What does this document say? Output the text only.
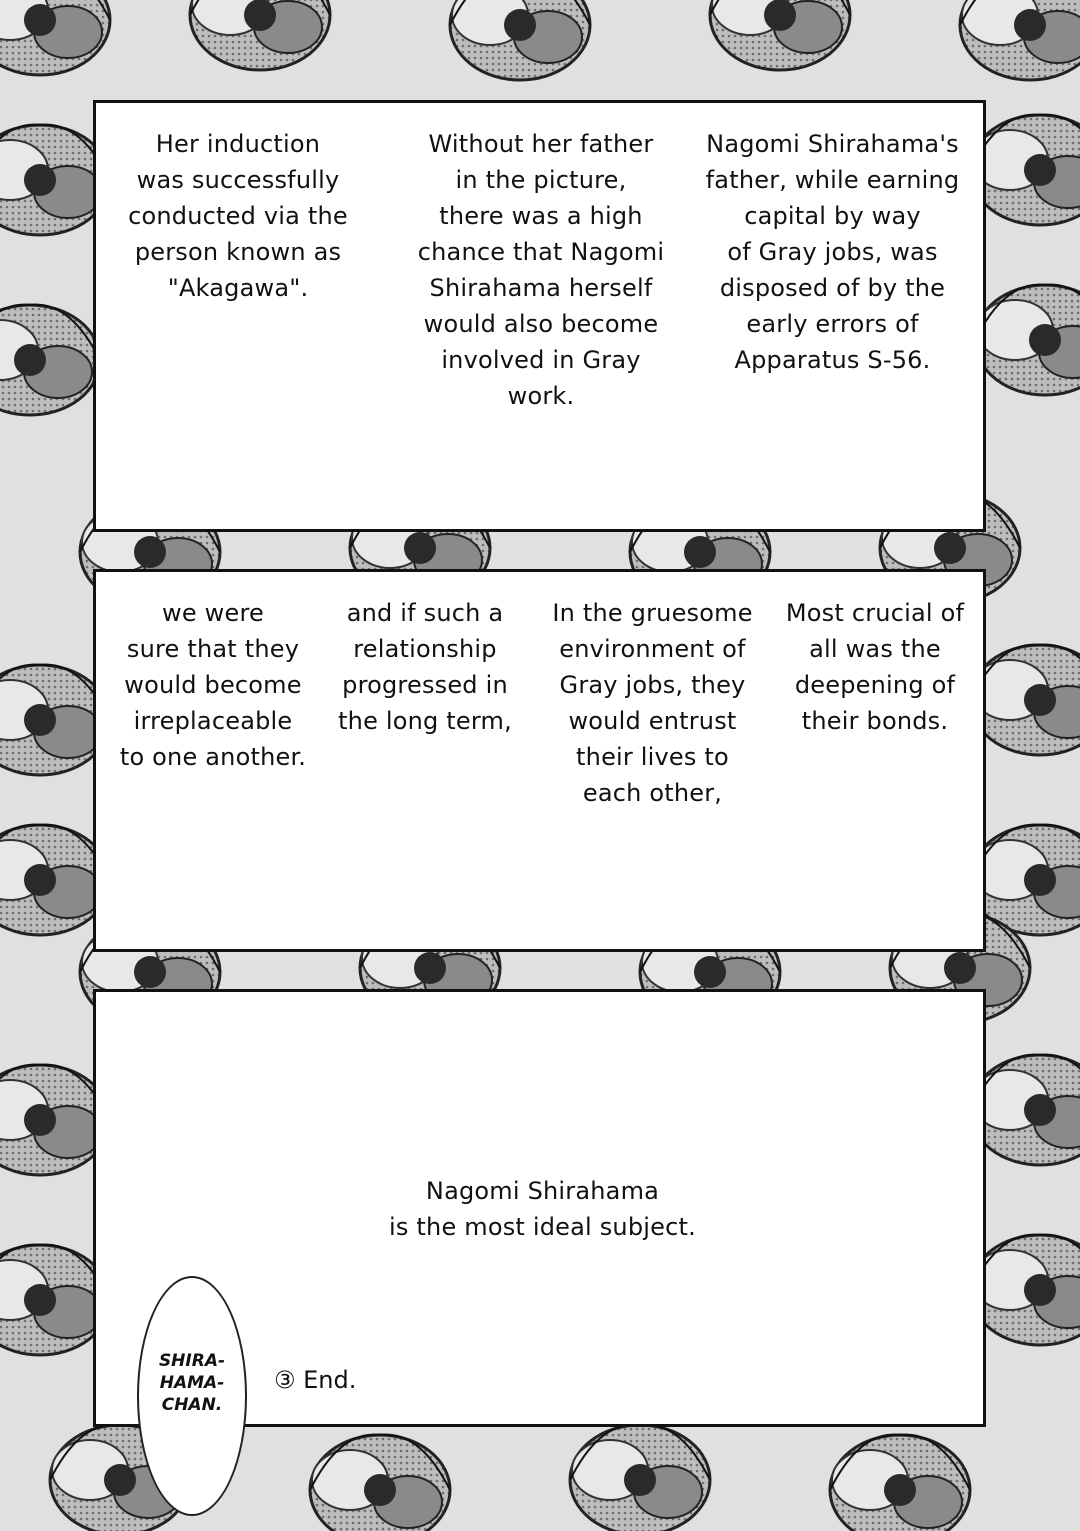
Without her father
in the picture,
there was a high
chance that Nagomi
Shirahama herself
would also become
involved in Gray work.
Nagomi Shirahama's
father, while earning
capital by way
of Gray jobs, was
disposed of by the
early errors of
Apparatus S-56.
Her induction
was successfully
conducted via the
person known as
"Akagawa".
Most crucial of
all was the
deepening of
their bonds.
In the gruesome
environment of
Gray jobs, they
would entrust
their lives to
each other,
and if such a
relationship
progressed in
the long term,
we were
sure that they
would become
irreplaceable
to one another.
Nagomi Shirahama
is the most ideal subject.
SHIRA-
HAMA-
CHAN.
③ End.
